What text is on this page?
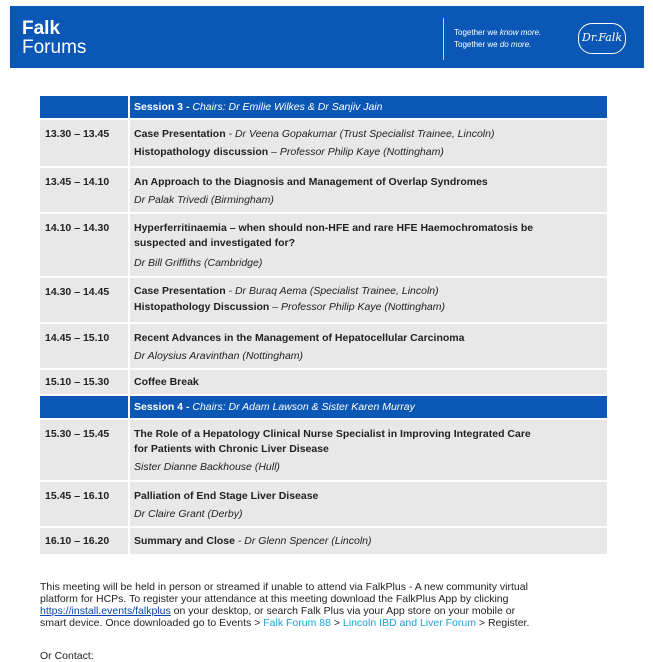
Falk
Forums
Together we know more.
Together we do more.
Dr.Falk
Session 3 - Chairs: Dr Emilie Wilkes & Dr Sanjiv Jain
13.30 – 13.45 Case Presentation - Dr Veena Gopakumar (Trust Specialist Trainee, Lincoln)
Histopathology discussion – Professor Philip Kaye (Nottingham)
13.45 – 14.10 An Approach to the Diagnosis and Management of Overlap Syndromes
Dr Palak Trivedi (Birmingham)
14.10 – 14.30 Hyperferritinaemia – when should non-HFE and rare HFE Haemochromatosis be
suspected and investigated for?
Dr Bill Griffiths (Cambridge)
14.30 – 14.45 Case Presentation - Dr Buraq Aema (Specialist Trainee, Lincoln)
Histopathology Discussion – Professor Philip Kaye (Nottingham)
14.45 – 15.10 Recent Advances in the Management of Hepatocellular Carcinoma
Dr Aloysius Aravinthan (Nottingham)
15.10 – 15.30 Coffee Break
Session 4 - Chairs: Dr Adam Lawson & Sister Karen Murray
15.30 – 15.45 The Role of a Hepatology Clinical Nurse Specialist in Improving Integrated Care
for Patients with Chronic Liver Disease
Sister Dianne Backhouse (Hull)
15.45 – 16.10 Palliation of End Stage Liver Disease
Dr Claire Grant (Derby)
16.10 – 16.20 Summary and Close - Dr Glenn Spencer (Lincoln)
This meeting will be held in person or streamed if unable to attend via FalkPlus - A new community virtual
platform for HCPs. To register your attendance at this meeting download the FalkPlus App by clicking
https://install.events/falkplus on your desktop, or search Falk Plus via your App store on your mobile or
smart device. Once downloaded go to Events > Falk Forum 88 > Lincoln IBD and Liver Forum > Register.
Or Contact:
